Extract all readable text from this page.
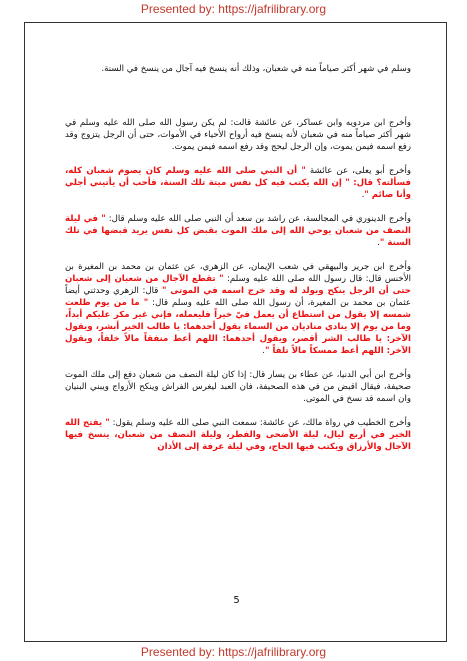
Presented by: https://jafrilibrary.org

وسلم في شهر أكثر صياماً منه في شعبان، وذلك أنه ينسخ فيه آجال من ينسخ في السنة.

وأخرج ابن مردويه وابن عساكر، عن عائشة قالت: لم يكن رسول الله صلى الله عليه وسلم في شهر أكثر صياماً منه في شعبان لأنه ينسخ فيه أرواح الأحياء في الأموات، حتى أن الرجل يتزوج وقد رفع اسمه فيمن يموت، وإن الرجل ليحج وقد رفع اسمه فيمن يموت.

وأخرج أبو يعلى، عن عائشة " أن النبي صلى الله عليه وسلم كان يصوم شعبان كله، فسألته؟ قال: " إن الله يكتب فيه كل نفس ميتة تلك السنة، فأحب أن يأتيني أجلي وأنا صائم ".

وأخرج الدينوري في المجالسة، عن راشد بن سعد أن النبي صلى الله عليه وسلم قال: " في ليلة النصف من شعبان يوحي الله إلى ملك الموت بقبض كل نفس يريد قبضها في تلك السنة ".

وأخرج ابن جرير والبيهقي في شعب الإيمان، عن الزهري، عن عثمان بن محمد بن المغيرة بن الأخنس قال: قال رسول الله صلى الله عليه وسلم: " تقطع الآجال من شعبان إلى شعبان حتى أن الرجل ينكح ويولد له وقد خرج اسمه في الموتى " قال: الزهري وحدثني أيضاً عثمان بن محمد بن المغيرة، أن رسول الله صلى الله عليه وسلم قال: " ما من يوم طلعت شمسه إلا يقول من استطاع أن يعمل فيّ خيراً فليعمله، فإني غير مكر عليكم أبداً، وما من يوم إلا ينادي مناديان من السماء يقول أحدهما: يا طالب الخير أبشر، ويقول الآخر: يا طالب الشر أقصر، ويقول أحدهما: اللهم أعط منفقاً مالاً خلفاً، ويقول الآخر: اللهم أعط ممسكاً مالاً تلفاً ".

وأخرج ابن أبي الدنيا، عن عطاء بن يسار قال: إذا كان ليلة النصف من شعبان دفع إلى ملك الموت صحيفة، فيقال اقبض من في هذه الصحيفة، فان العبد ليغرس الفراش وينكح الأزواج ويبني البنيان وان اسمه قد نسخ في الموتى.

وأخرج الخطيب في رواة مالك، عن عائشة: سمعت النبي صلى الله عليه وسلم يقول: " يفتح الله الخير في أربع ليال، ليلة الأضحى والفطر، وليلة النصف من شعبان، ينسخ فيها الآجال والأرزاق ويكتب فيها الحاج، وفي ليلة عرفة إلى الأذان

5
Presented by: https://jafrilibrary.org
